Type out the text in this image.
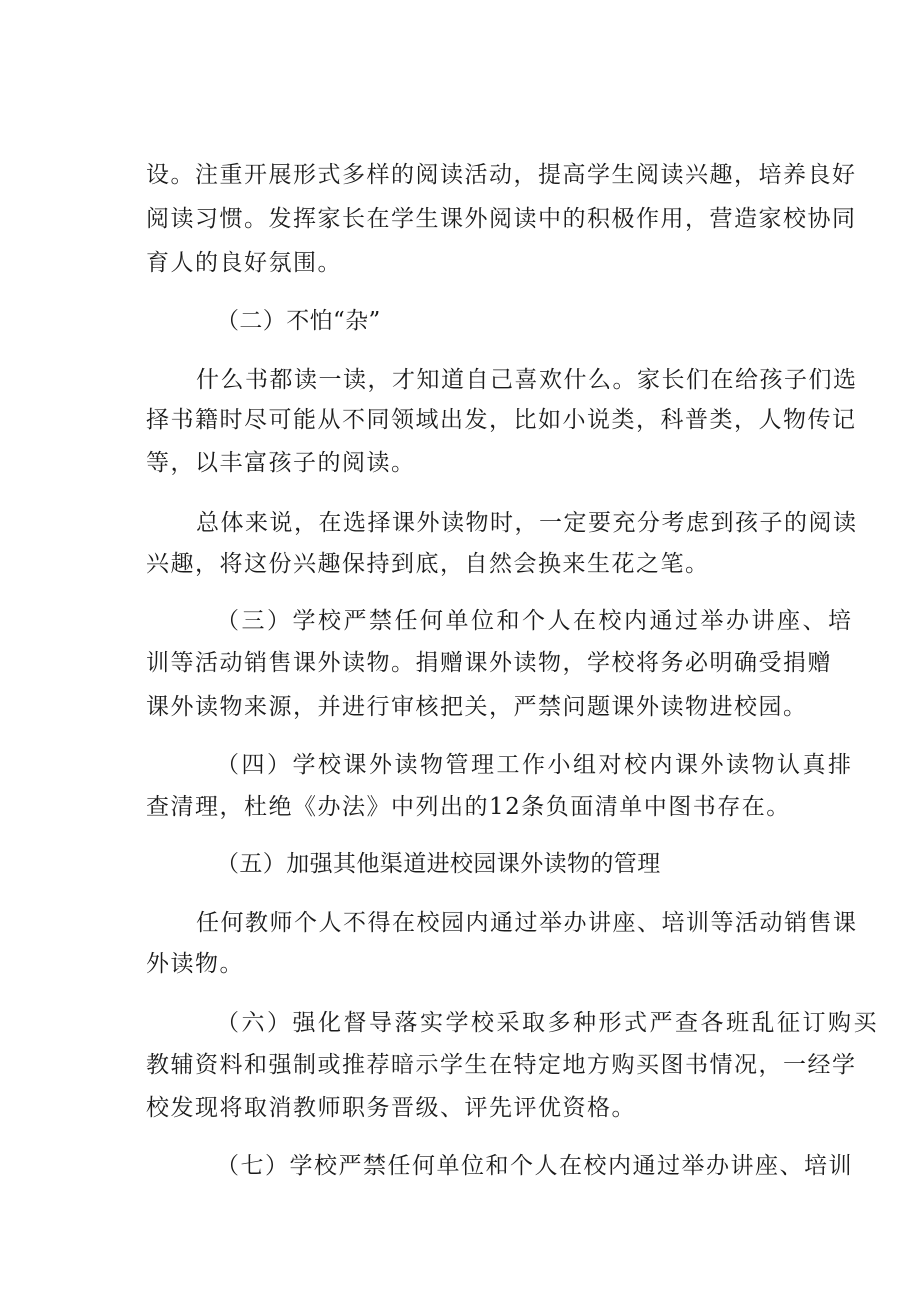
设。注重开展形式多样的阅读活动，提高学生阅读兴趣，培养良好
阅读习惯。发挥家长在学生课外阅读中的积极作用，营造家校协同
育人的良好氛围。
（二）不怕“杂”
什么书都读一读，才知道自己喜欢什么。家长们在给孩子们选
择书籍时尽可能从不同领域出发，比如小说类，科普类，人物传记
等，以丰富孩子的阅读。
总体来说，在选择课外读物时，一定要充分考虑到孩子的阅读
兴趣，将这份兴趣保持到底，自然会换来生花之笔。
（三）学校严禁任何单位和个人在校内通过举办讲座、培
训等活动销售课外读物。捐赠课外读物，学校将务必明确受捐赠
课外读物来源，并进行审核把关，严禁问题课外读物进校园。
（四）学校课外读物管理工作小组对校内课外读物认真排
查清理，杜绝《办法》中列出的12条负面清单中图书存在。
（五）加强其他渠道进校园课外读物的管理
任何教师个人不得在校园内通过举办讲座、培训等活动销售课
外读物。
（六）强化督导落实学校采取多种形式严查各班乱征订购买
教辅资料和强制或推荐暗示学生在特定地方购买图书情况，一经学
校发现将取消教师职务晋级、评先评优资格。
（七）学校严禁任何单位和个人在校内通过举办讲座、培训
